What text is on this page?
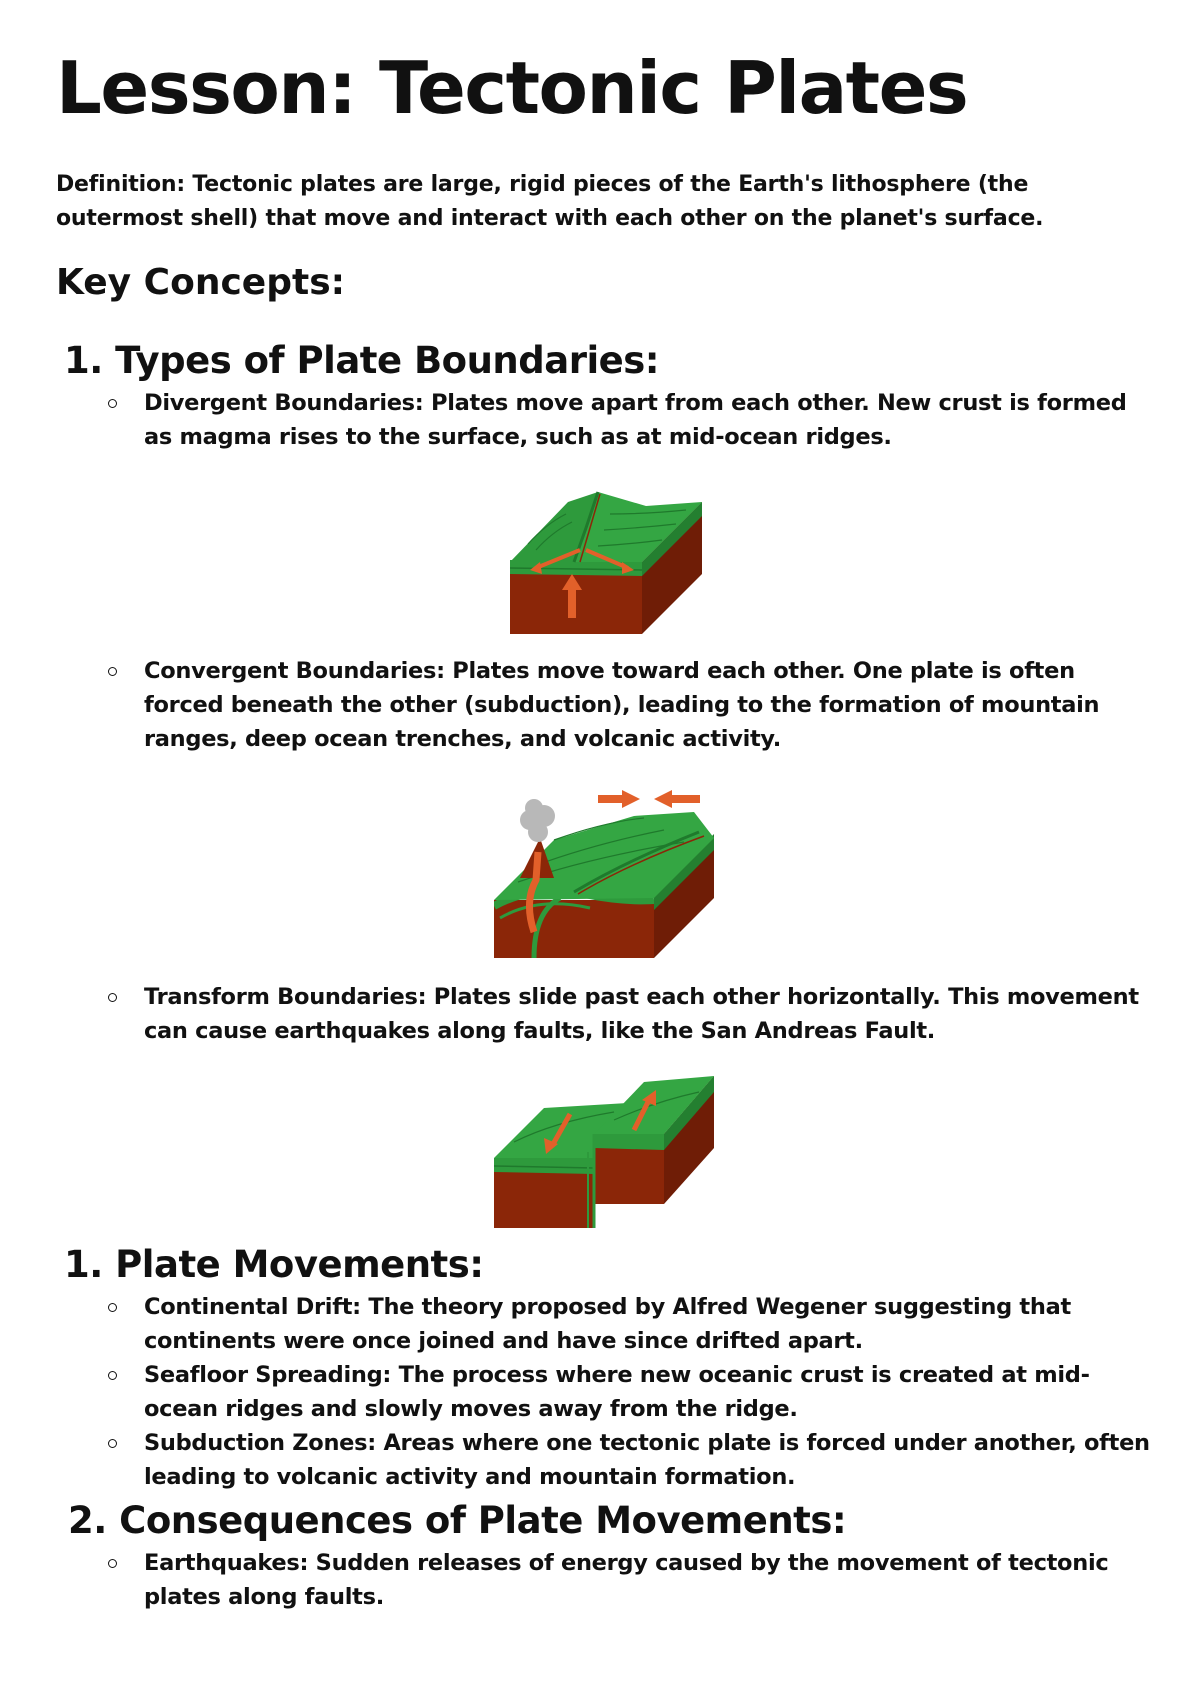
Lesson: Tectonic Plates
Definition: Tectonic plates are large, rigid pieces of the Earth's lithosphere (the outermost shell) that move and interact with each other on the planet's surface.
Key Concepts:
1. Types of Plate Boundaries:
Divergent Boundaries: Plates move apart from each other. New crust is formed as magma rises to the surface, such as at mid-ocean ridges.
Convergent Boundaries: Plates move toward each other. One plate is often forced beneath the other (subduction), leading to the formation of mountain ranges, deep ocean trenches, and volcanic activity.
Transform Boundaries: Plates slide past each other horizontally. This movement can cause earthquakes along faults, like the San Andreas Fault.
1. Plate Movements:
Continental Drift: The theory proposed by Alfred Wegener suggesting that continents were once joined and have since drifted apart.
Seafloor Spreading: The process where new oceanic crust is created at mid-ocean ridges and slowly moves away from the ridge.
Subduction Zones: Areas where one tectonic plate is forced under another, often leading to volcanic activity and mountain formation.
2. Consequences of Plate Movements:
Earthquakes: Sudden releases of energy caused by the movement of tectonic plates along faults.
